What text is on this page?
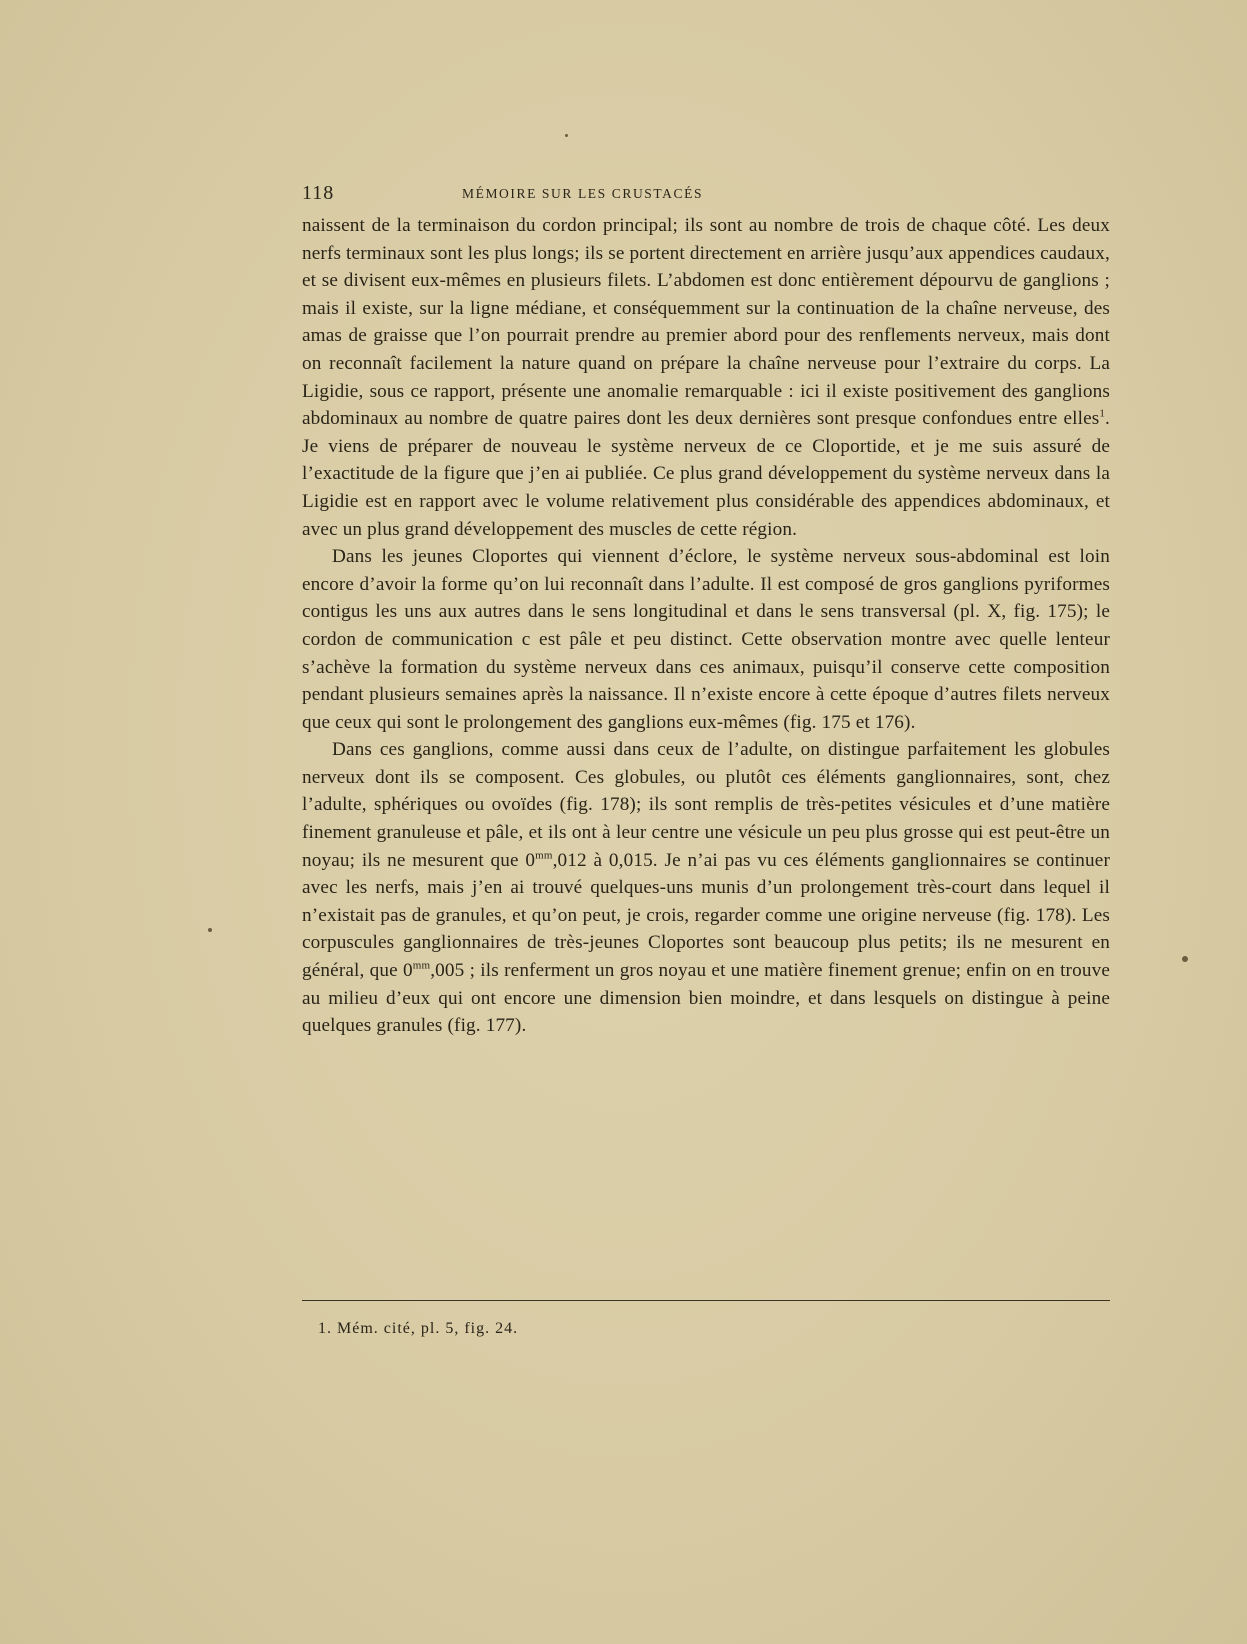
118	MÉMOIRE SUR LES CRUSTACÉS

naissent de la terminaison du cordon principal; ils sont au nombre de trois de chaque côté. Les deux nerfs terminaux sont les plus longs; ils se portent directement en arrière jusqu’aux appendices caudaux, et se divisent eux-mêmes en plusieurs filets. L’abdomen est donc entièrement dépourvu de ganglions ; mais il existe, sur la ligne médiane, et conséquemment sur la continuation de la chaîne nerveuse, des amas de graisse que l’on pourrait prendre au premier abord pour des renflements nerveux, mais dont on reconnaît facilement la nature quand on prépare la chaîne nerveuse pour l’extraire du corps. La Ligidie, sous ce rapport, présente une anomalie remarquable : ici il existe positivement des ganglions abdominaux au nombre de quatre paires dont les deux dernières sont presque confondues entre elles$^1$. Je viens de préparer de nouveau le système nerveux de ce Cloportide, et je me suis assuré de l’exactitude de la figure que j’en ai publiée. Ce plus grand développement du système nerveux dans la Ligidie est en rapport avec le volume relativement plus considérable des appendices abdominaux, et avec un plus grand développement des muscles de cette région.

Dans les jeunes Cloportes qui viennent d’éclore, le système nerveux sous-abdominal est loin encore d’avoir la forme qu’on lui reconnaît dans l’adulte. Il est composé de gros ganglions pyriformes contigus les uns aux autres dans le sens longitudinal et dans le sens transversal (pl. X, fig. 175); le cordon de communication c est pâle et peu distinct. Cette observation montre avec quelle lenteur s’achève la formation du système nerveux dans ces animaux, puisqu’il conserve cette composition pendant plusieurs semaines après la naissance. Il n’existe encore à cette époque d’autres filets nerveux que ceux qui sont le prolongement des ganglions eux-mêmes (fig. 175 et 176).

Dans ces ganglions, comme aussi dans ceux de l’adulte, on distingue parfaitement les globules nerveux dont ils se composent. Ces globules, ou plutôt ces éléments ganglionnaires, sont, chez l’adulte, sphériques ou ovoïdes (fig. 178); ils sont remplis de très-petites vésicules et d’une matière finement granuleuse et pâle, et ils ont à leur centre une vésicule un peu plus grosse qui est peut-être un noyau; ils ne mesurent que $0^{mm},012$ à 0,015. Je n’ai pas vu ces éléments ganglionnaires se continuer avec les nerfs, mais j’en ai trouvé quelques-uns munis d’un prolongement très-court dans lequel il n’existait pas de granules, et qu’on peut, je crois, regarder comme une origine nerveuse (fig. 178). Les corpuscules ganglionnaires de très-jeunes Cloportes sont beaucoup plus petits; ils ne mesurent en général, que $0^{mm},005$ ; ils renferment un gros noyau et une matière finement grenue; enfin on en trouve au milieu d’eux qui ont encore une dimension bien moindre, et dans lesquels on distingue à peine quelques granules (fig. 177).

1. Mém. cité, pl. 5, fig. 24.
